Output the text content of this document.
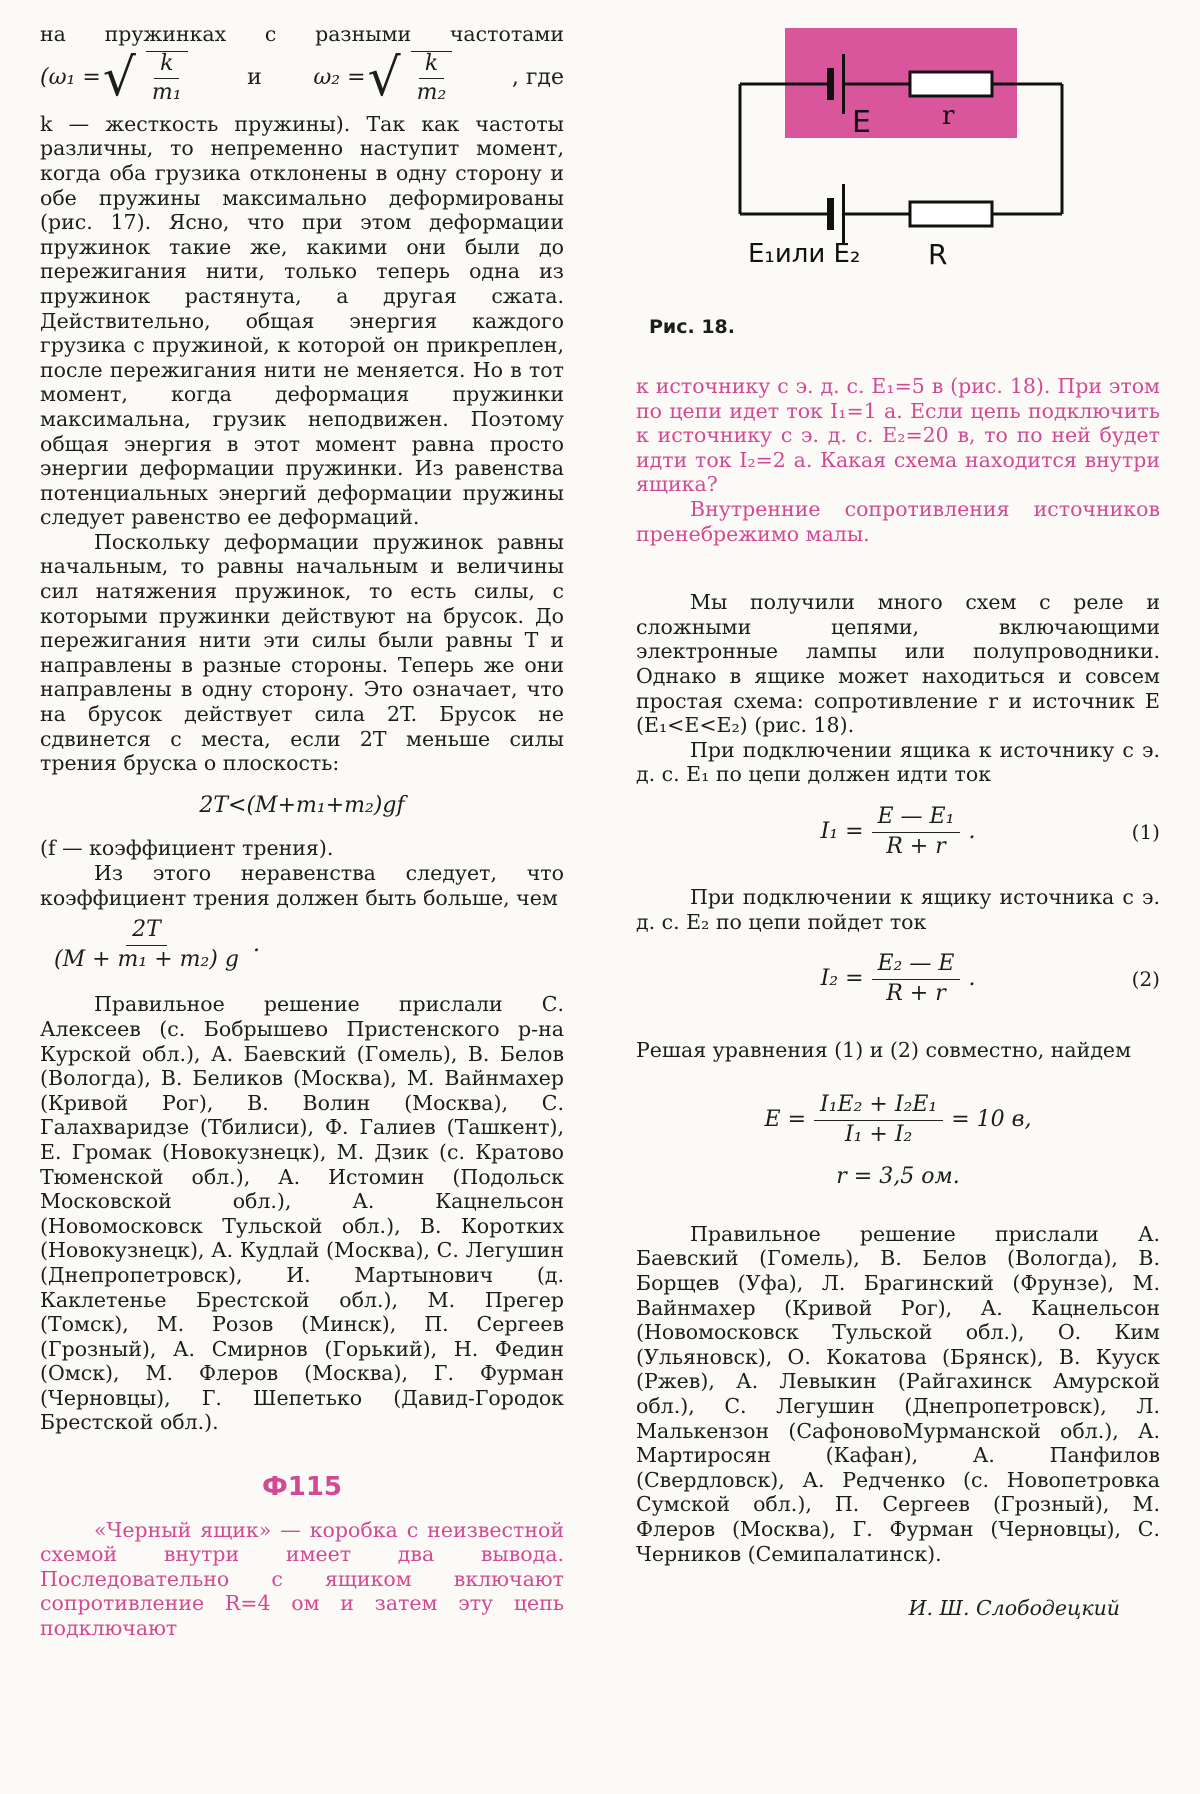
на пружинках с разными частотами

(ω₁ = √ $\frac{k}{\text{m₁}}$	и ω₂ = √ $\frac{k}{\text{m₂}}$	, где

k — жесткость пружины). Так как частоты различны, то непременно наступит момент, когда оба грузика отклонены в одну сторону и обе пружины максимально деформированы (рис. 17). Ясно, что при этом деформации пружинок такие же, какими они были до пережигания нити, только теперь одна из пружинок растянута, а другая сжата. Действительно, общая энергия каждого грузика с пружиной, к которой он прикреплен, после пережигания нити не меняется. Но в тот момент, когда деформация пружинки максимальна, грузик неподвижен. Поэтому общая энергия в этот момент равна просто энергии деформации пружинки. Из равенства потенциальных энергий деформации пружины следует равенство ее деформаций.

Поскольку деформации пружинок равны начальным, то равны начальным и величины сил натяжения пружинок, то есть силы, с которыми пружинки действуют на брусок. До пережигания нити эти силы были равны T и направлены в разные стороны. Теперь же они направлены в одну сторону. Это означает, что на брусок действует сила 2T. Брусок не сдвинется с места, если 2T меньше силы трения бруска о плоскость:

2T<(M+m₁+m₂)gf

(f — коэффициент трения).

Из этого неравенства следует, что коэффициент трения должен быть больше, чем

$\frac{2T}{\text{(M + m₁ + m₂) g}}$ .

Правильное решение прислали С. Алексеев (с. Бобрышево Пристенского р-на Курской обл.), А. Баевский (Гомель), В. Белов (Вологда), В. Беликов (Москва), М. Вайнмахер (Кривой Рог), В. Волин (Москва), С. Галахваридзе (Тбилиси), Ф. Галиев (Ташкент), Е. Громак (Новокузнецк), М. Дзик (с. Кратово Тюменской обл.), А. Истомин (Подольск Московской обл.), А. Кацнельсон (Новомосковск Тульской обл.), В. Коротких (Новокузнецк), А. Кудлай (Москва), С. Легушин (Днепропетровск), И. Мартынович (д. Каклетенье Брестской обл.), М. Прегер (Томск), М. Розов (Минск), П. Сергеев (Грозный), А. Смирнов (Горький), Н. Федин (Омск), М. Флеров (Москва), Г. Фурман (Черновцы), Г. Шепетько (Давид-Городок Брестской обл.).

Ф115

«Черный ящик» — коробка с неизвестной схемой внутри имеет два вывода. Последовательно с ящиком включают сопротивление R=4 ом и затем эту цепь подключают

E	r
E₁или E₂ R
Рис. 18.

к источнику с э. д. с. E₁=5 в (рис. 18). При этом по цепи идет ток I₁=1 а. Если цепь подключить к источнику с э. д. с. E₂=20 в, то по ней будет идти ток I₂=2 а. Какая схема находится внутри ящика?

Внутренние сопротивления источников пренебрежимо малы.

Мы получили много схем с реле и сложными цепями, включающими электронные лампы или полупроводники. Однако в ящике может находиться и совсем простая схема: сопротивление r и источник E (E₁<E<E₂) (рис. 18).

При подключении ящика к источнику с э. д. с. E₁ по цепи должен идти ток

$I_1 = \frac{\text{E — E₁}}{R + r}$ .	(1)

При подключении к ящику источника с э. д. с. E₂ по цепи пойдет ток

$I_2 = \frac{\text{E₂ — E}}{R + r}$ .	(2)

Решая уравнения (1) и (2) совместно, найдем

$E = \frac{\text{I₁E₂ + I₂E₁}}{\text{I₁ + I₂}} = 10$ в,
r = 3,5 ом.

Правильное решение прислали А. Баевский (Гомель), В. Белов (Вологда), В. Борщев (Уфа), Л. Брагинский (Фрунзе), М. Вайнмахер (Кривой Рог), А. Кацнельсон (Новомосковск Тульской обл.), О. Ким (Ульяновск), О. Кокатова (Брянск), В. Кууск (Ржев), А. Левыкин (Райгахинск Амурской обл.), С. Легушин (Днепропетровск), Л. Малькензон (СафоновоМурманской обл.), А. Мартиросян (Кафан), А. Панфилов (Свердловск), А. Редченко (с. Новопетровка Сумской обл.), П. Сергеев (Грозный), М. Флеров (Москва), Г. Фурман (Черновцы), С. Черников (Семипалатинск).

И. Ш. Слободецкий
